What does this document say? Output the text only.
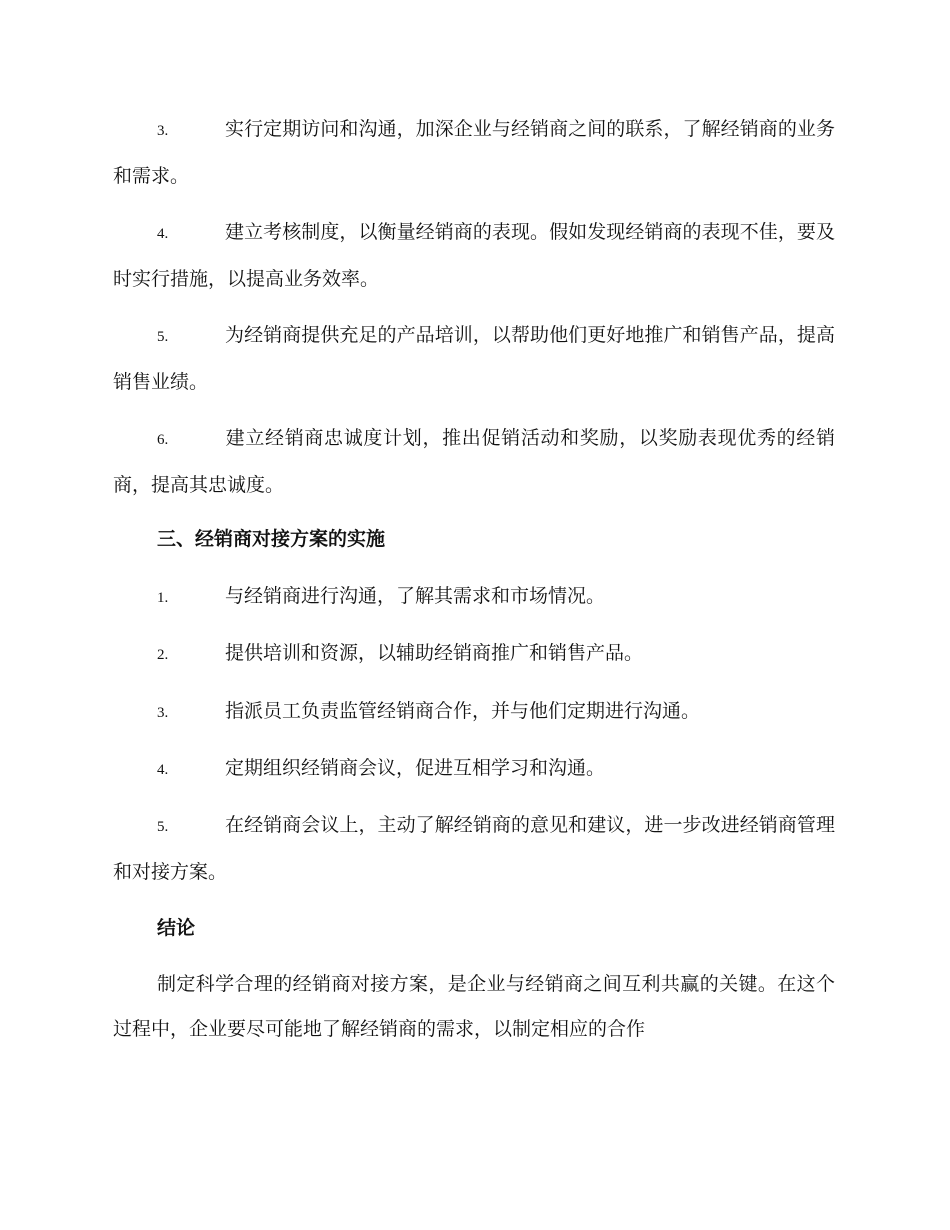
3.	实行定期访问和沟通，加深企业与经销商之间的联系，了解经销商的业务和需求。

4.	建立考核制度，以衡量经销商的表现。假如发现经销商的表现不佳，要及时实行措施，以提高业务效率。

5.	为经销商提供充足的产品培训，以帮助他们更好地推广和销售产品，提高销售业绩。

6.	建立经销商忠诚度计划，推出促销活动和奖励，以奖励表现优秀的经销商，提高其忠诚度。

三、经销商对接方案的实施

1.	与经销商进行沟通，了解其需求和市场情况。

2.	提供培训和资源，以辅助经销商推广和销售产品。

3.	指派员工负责监管经销商合作，并与他们定期进行沟通。

4.	定期组织经销商会议，促进互相学习和沟通。

5.	在经销商会议上，主动了解经销商的意见和建议，进一步改进经销商管理和对接方案。

结论

制定科学合理的经销商对接方案，是企业与经销商之间互利共赢的关键。在这个过程中，企业要尽可能地了解经销商的需求，以制定相应的合作
